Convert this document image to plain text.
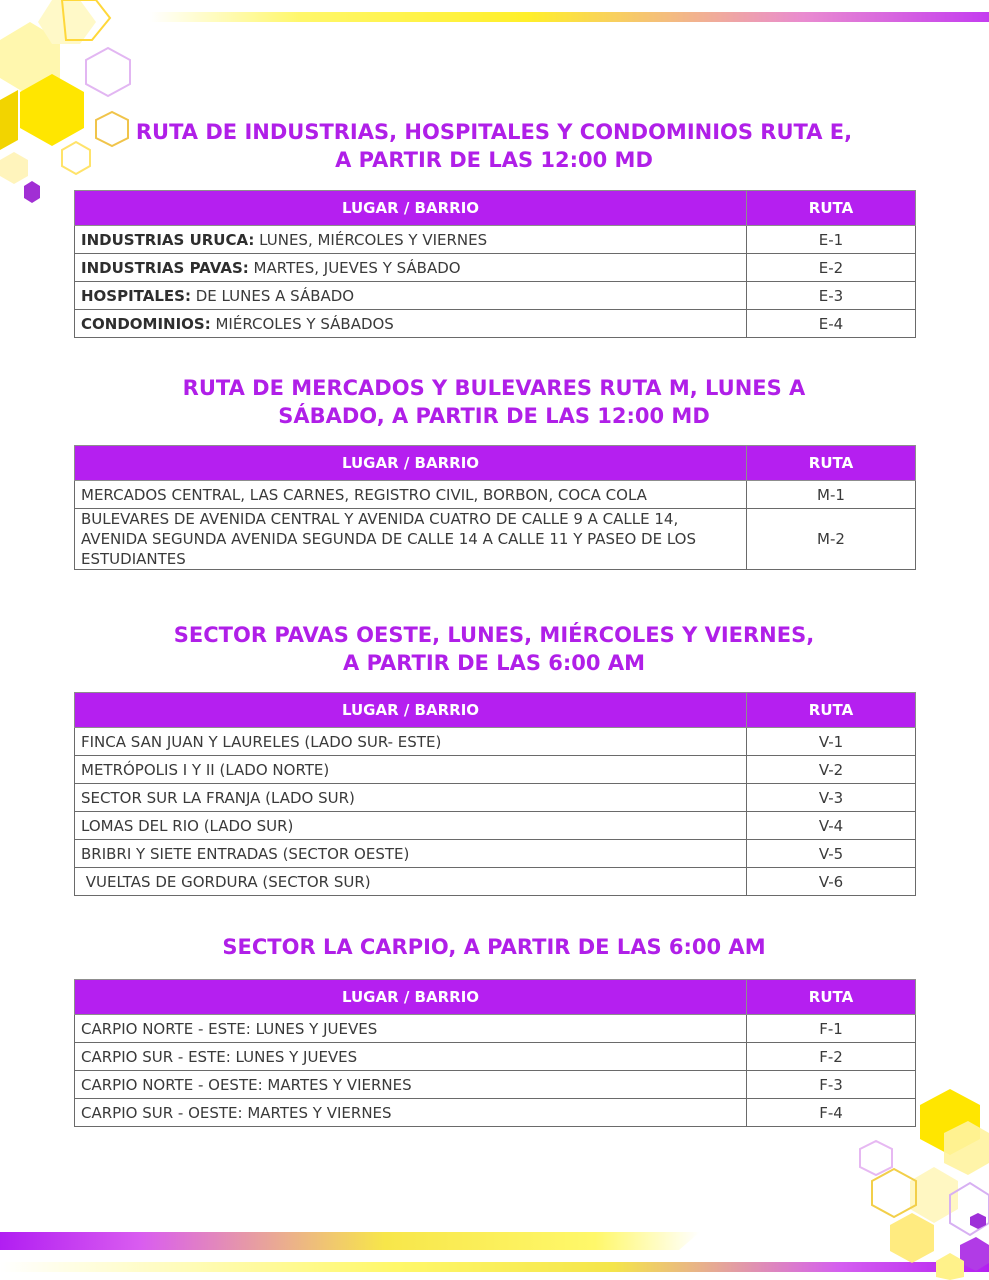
RUTA DE INDUSTRIAS, HOSPITALES Y CONDOMINIOS RUTA E,
A PARTIR DE LAS 12:00 MD
LUGAR / BARRIO	RUTA
INDUSTRIAS URUCA: LUNES, MIÉRCOLES Y VIERNES	E-1
INDUSTRIAS PAVAS: MARTES, JUEVES Y SÁBADO	E-2
HOSPITALES: DE LUNES A SÁBADO	E-3
CONDOMINIOS: MIÉRCOLES Y SÁBADOS	E-4
RUTA DE MERCADOS Y BULEVARES RUTA M, LUNES A
SÁBADO, A PARTIR DE LAS 12:00 MD
LUGAR / BARRIO	RUTA
MERCADOS CENTRAL, LAS CARNES, REGISTRO CIVIL, BORBON, COCA COLA	M-1
BULEVARES DE AVENIDA CENTRAL Y AVENIDA CUATRO DE CALLE 9 A CALLE 14, AVENIDA SEGUNDA AVENIDA SEGUNDA DE CALLE 14 A CALLE 11 Y PASEO DE LOS ESTUDIANTES	M-2
SECTOR PAVAS OESTE, LUNES, MIÉRCOLES Y VIERNES,
A PARTIR DE LAS 6:00 AM
LUGAR / BARRIO	RUTA
FINCA SAN JUAN Y LAURELES (LADO SUR- ESTE)	V-1
METRÓPOLIS I Y II (LADO NORTE)	V-2
SECTOR SUR LA FRANJA (LADO SUR)	V-3
LOMAS DEL RIO (LADO SUR)	V-4
BRIBRI Y SIETE ENTRADAS (SECTOR OESTE)	V-5
VUELTAS DE GORDURA (SECTOR SUR)	V-6
SECTOR LA CARPIO, A PARTIR DE LAS 6:00 AM
LUGAR / BARRIO	RUTA
CARPIO NORTE - ESTE: LUNES Y JUEVES	F-1
CARPIO SUR - ESTE: LUNES Y JUEVES	F-2
CARPIO NORTE - OESTE: MARTES Y VIERNES	F-3
CARPIO SUR - OESTE: MARTES Y VIERNES	F-4
